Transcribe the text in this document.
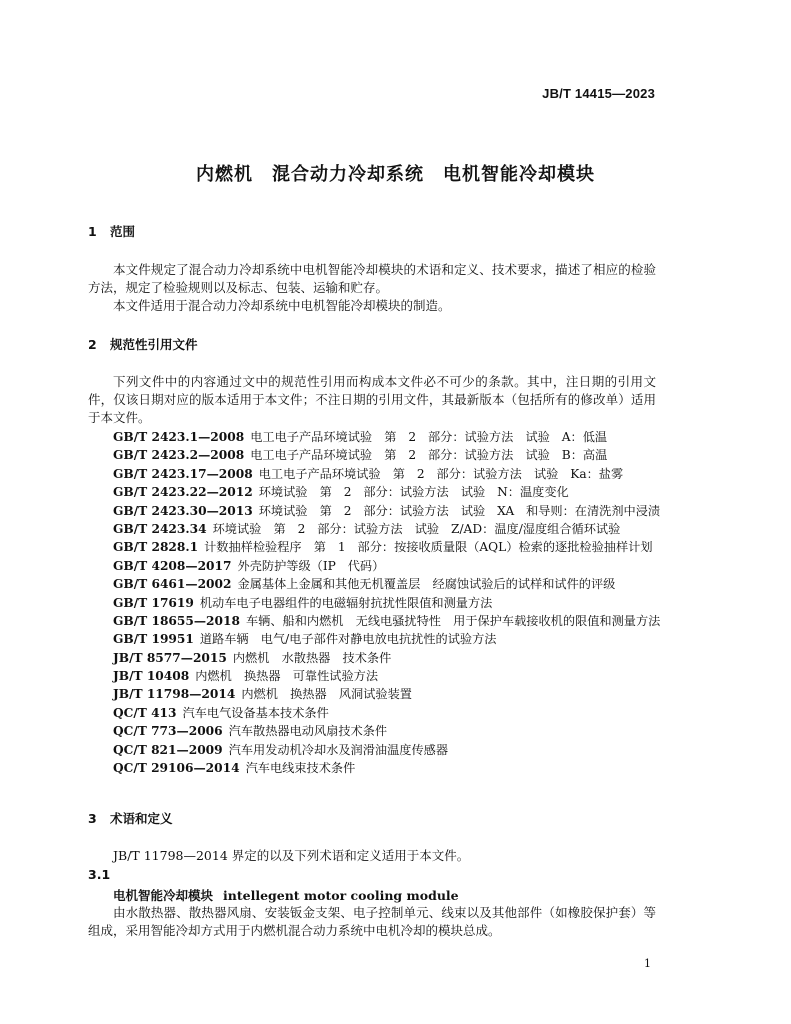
JB/T 14415—2023
内燃机　混合动力冷却系统　电机智能冷却模块
1 范围
本文件规定了混合动力冷却系统中电机智能冷却模块的术语和定义、技术要求，描述了相应的检验方法，规定了检验规则以及标志、包装、运输和贮存。
本文件适用于混合动力冷却系统中电机智能冷却模块的制造。
2 规范性引用文件
下列文件中的内容通过文中的规范性引用而构成本文件必不可少的条款。其中，注日期的引用文件，仅该日期对应的版本适用于本文件；不注日期的引用文件，其最新版本（包括所有的修改单）适用于本文件。
GB/T 2423.1—2008 电工电子产品环境试验　第 2 部分：试验方法　试验 A：低温
GB/T 2423.2—2008 电工电子产品环境试验　第 2 部分：试验方法　试验 B：高温
GB/T 2423.17—2008 电工电子产品环境试验　第 2 部分：试验方法　试验 Ka：盐雾
GB/T 2423.22—2012 环境试验　第 2 部分：试验方法　试验 N：温度变化
GB/T 2423.30—2013 环境试验　第 2 部分：试验方法　试验 XA 和导则：在清洗剂中浸渍
GB/T 2423.34 环境试验　第 2 部分：试验方法　试验 Z/AD：温度/湿度组合循环试验
GB/T 2828.1 计数抽样检验程序　第 1 部分：按接收质量限（AQL）检索的逐批检验抽样计划
GB/T 4208—2017 外壳防护等级（IP 代码）
GB/T 6461—2002 金属基体上金属和其他无机覆盖层　经腐蚀试验后的试样和试件的评级
GB/T 17619 机动车电子电器组件的电磁辐射抗扰性限值和测量方法
GB/T 18655—2018 车辆、船和内燃机　无线电骚扰特性　用于保护车载接收机的限值和测量方法
GB/T 19951 道路车辆　电气/电子部件对静电放电抗扰性的试验方法
JB/T 8577—2015 内燃机　水散热器　技术条件
JB/T 10408 内燃机　换热器　可靠性试验方法
JB/T 11798—2014 内燃机　换热器　风洞试验装置
QC/T 413 汽车电气设备基本技术条件
QC/T 773—2006 汽车散热器电动风扇技术条件
QC/T 821—2009 汽车用发动机冷却水及润滑油温度传感器
QC/T 29106—2014 汽车电线束技术条件
3 术语和定义
JB/T 11798—2014 界定的以及下列术语和定义适用于本文件。
3.1
电机智能冷却模块 intellegent motor cooling module
由水散热器、散热器风扇、安装钣金支架、电子控制单元、线束以及其他部件（如橡胶保护套）等组成，采用智能冷却方式用于内燃机混合动力系统中电机冷却的模块总成。
1
